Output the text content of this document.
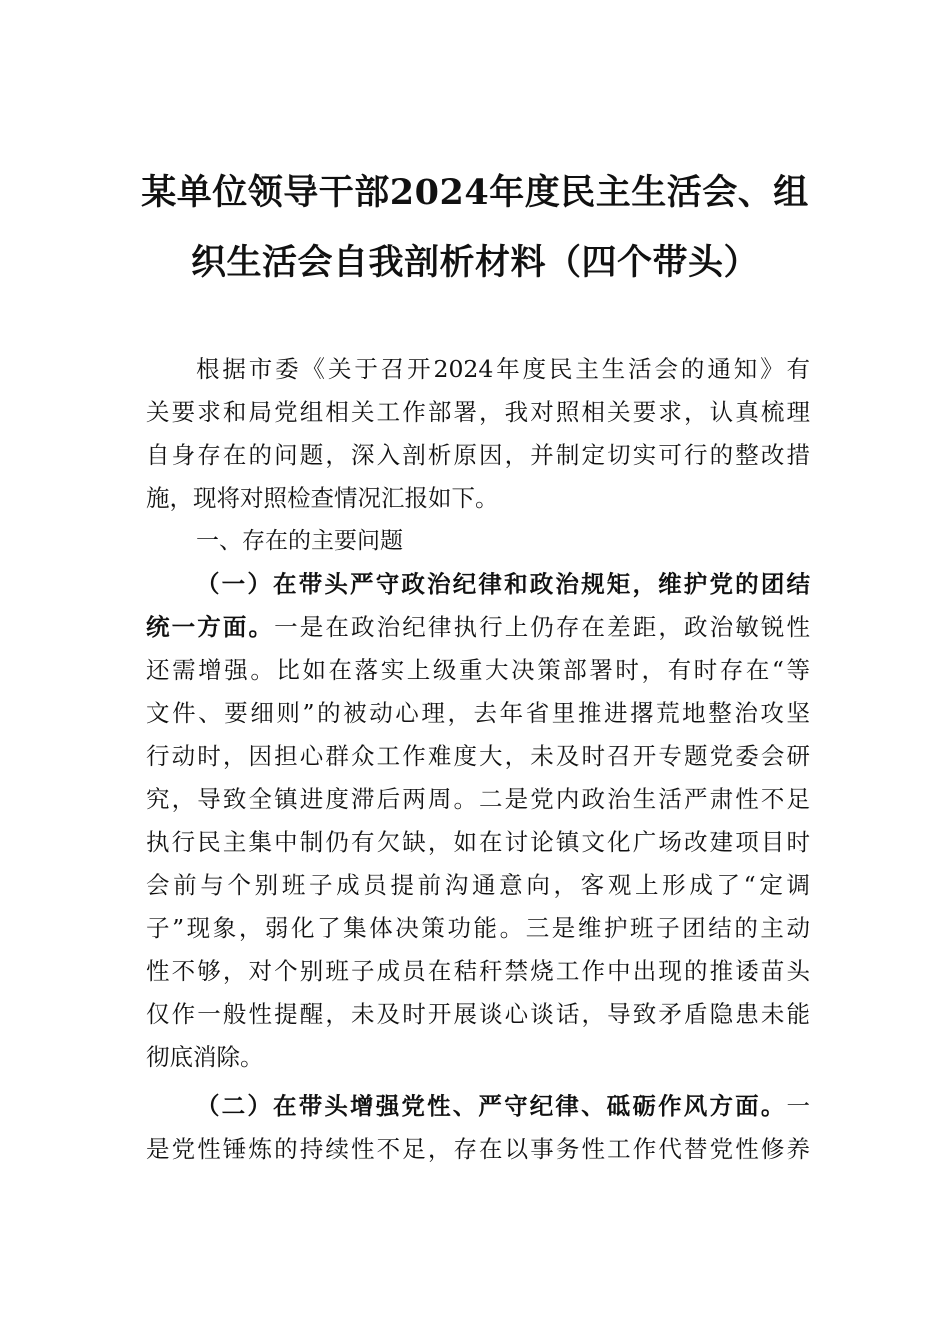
某单位领导干部2024年度民主生活会、组
织生活会自我剖析材料（四个带头）
根据市委《关于召开2024年度民主生活会的通知》有
关要求和局党组相关工作部署，我对照相关要求，认真梳理
自身存在的问题，深入剖析原因，并制定切实可行的整改措
施，现将对照检查情况汇报如下。
一、存在的主要问题
（一）在带头严守政治纪律和政治规矩，维护党的团结
统一方面。一是在政治纪律执行上仍存在差距，政治敏锐性
还需增强。比如在落实上级重大决策部署时，有时存在“等
文件、要细则”的被动心理，去年省里推进撂荒地整治攻坚
行动时，因担心群众工作难度大，未及时召开专题党委会研
究，导致全镇进度滞后两周。二是党内政治生活严肃性不足
执行民主集中制仍有欠缺，如在讨论镇文化广场改建项目时
会前与个别班子成员提前沟通意向，客观上形成了“定调
子”现象，弱化了集体决策功能。三是维护班子团结的主动
性不够，对个别班子成员在秸秆禁烧工作中出现的推诿苗头
仅作一般性提醒，未及时开展谈心谈话，导致矛盾隐患未能
彻底消除。
（二）在带头增强党性、严守纪律、砥砺作风方面。一
是党性锤炼的持续性不足，存在以事务性工作代替党性修养
